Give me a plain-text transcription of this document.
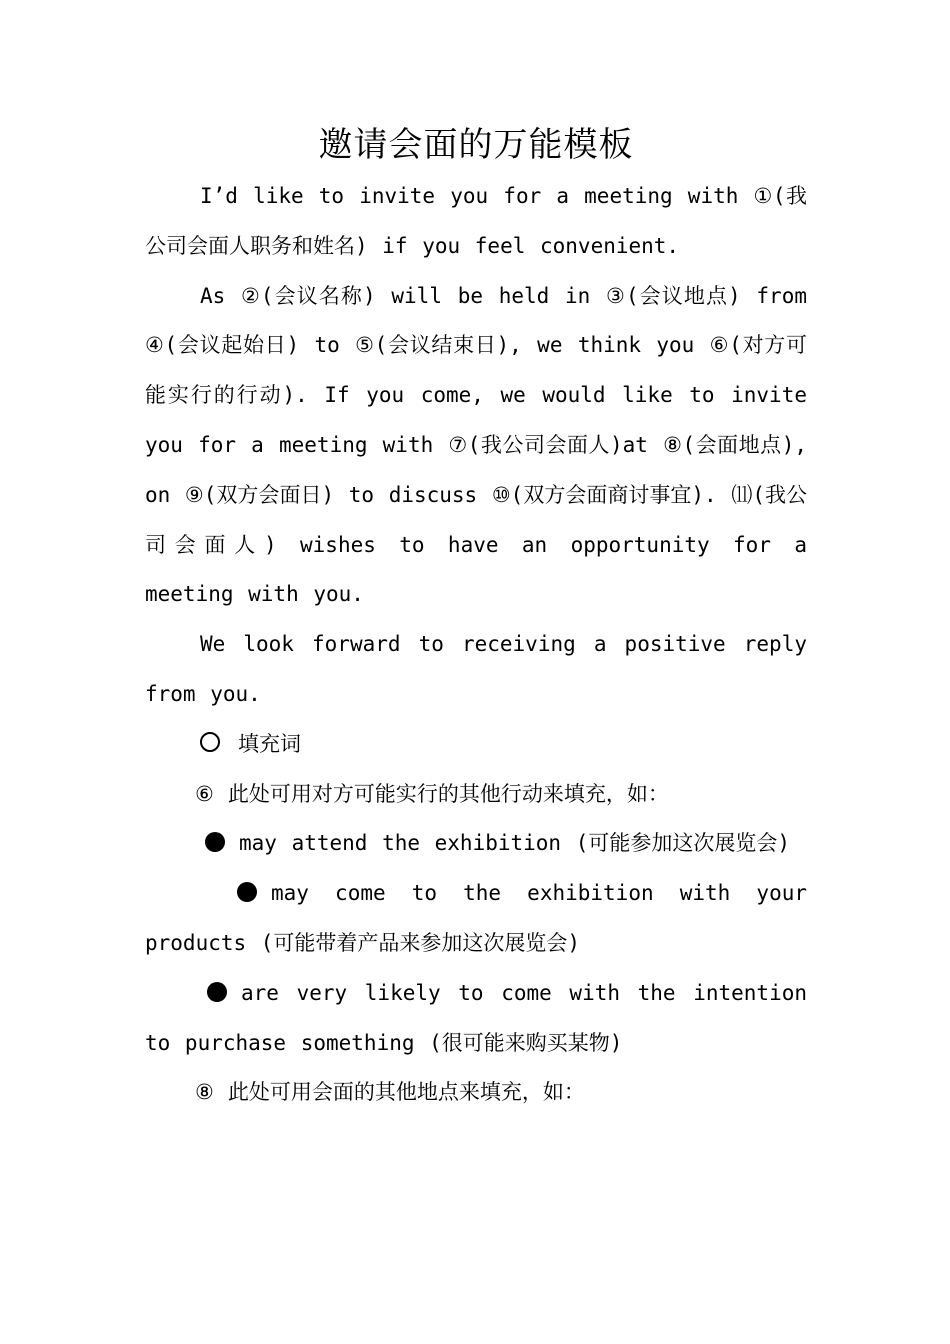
邀请会面的万能模板

I’d like to invite you for a meeting with ①(我公司会面人职务和姓名) if you feel convenient.

As ②(会议名称) will be held in ③(会议地点) from ④(会议起始日) to ⑤(会议结束日), we think you ⑥(对方可能实行的行动). If you come, we would like to invite you for a meeting with ⑦(我公司会面人)at ⑧(会面地点), on ⑨(双方会面日) to discuss ⑩(双方会面商讨事宜). ⑾(我公司会面人) wishes to have an opportunity for a meeting with you.

We look forward to receiving a positive reply from you.

填充词

⑥ 此处可用对方可能实行的其他行动来填充，如：

may attend the exhibition (可能参加这次展览会)

may come to the exhibition with your products (可能带着产品来参加这次展览会)

are very likely to come with the intention to purchase something (很可能来购买某物)

⑧ 此处可用会面的其他地点来填充，如：
